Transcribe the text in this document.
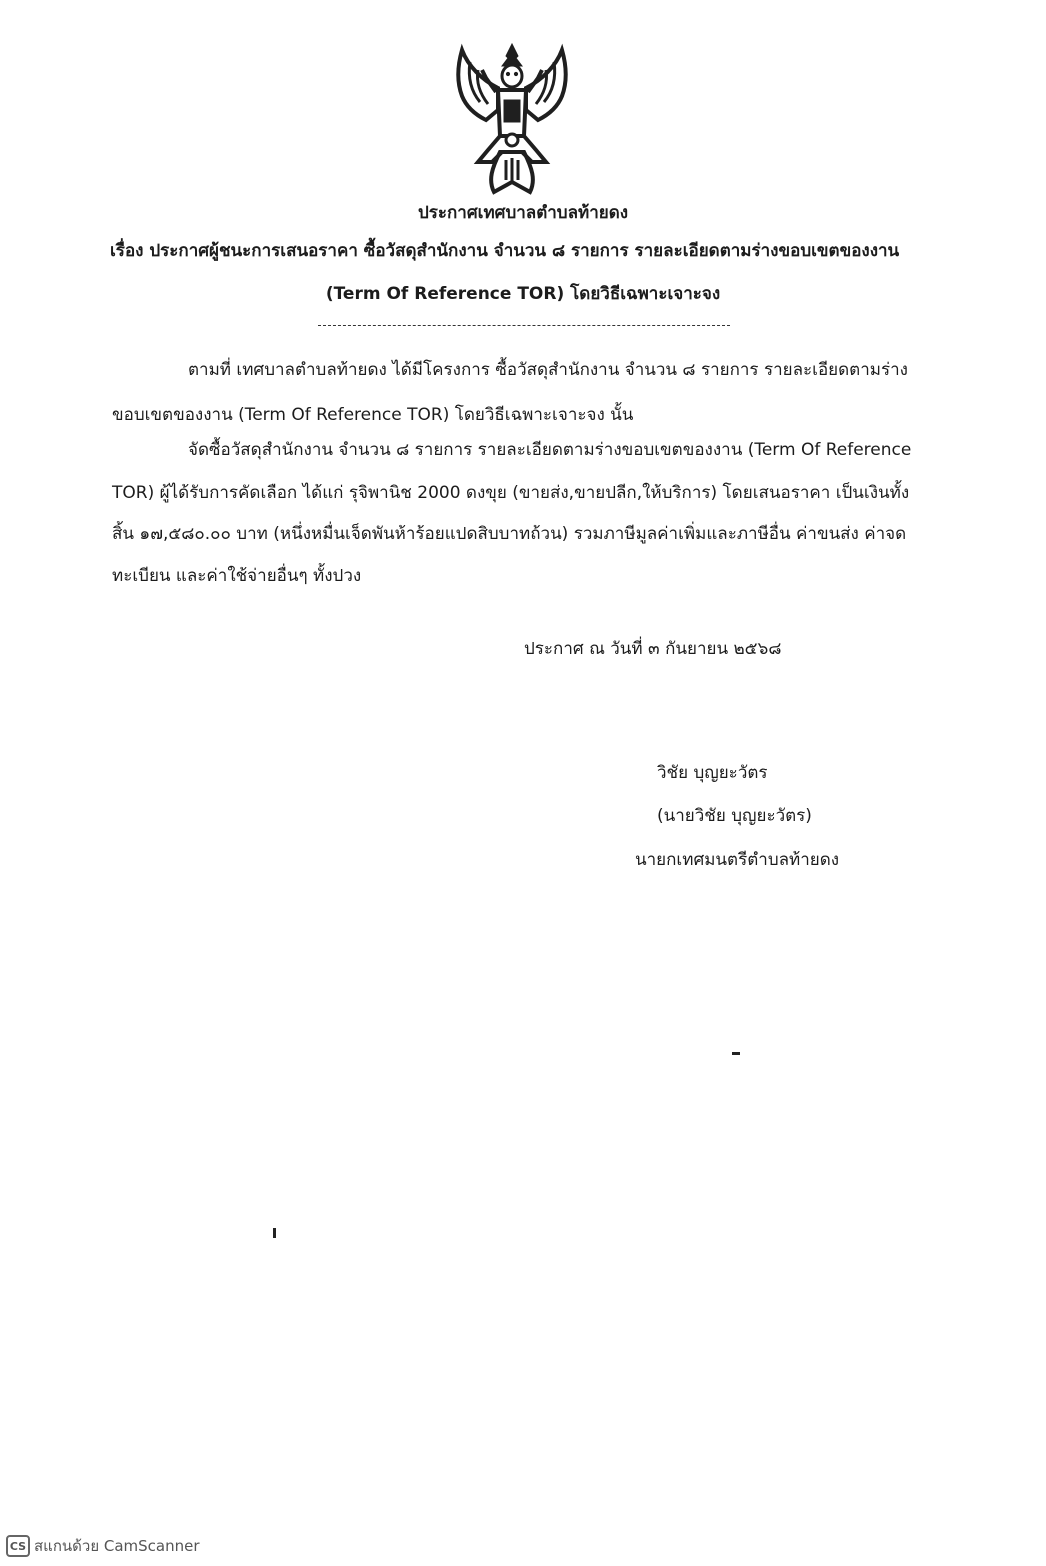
ประกาศเทศบาลตำบลท้ายดง
เรื่อง ประกาศผู้ชนะการเสนอราคา ซื้อวัสดุสำนักงาน จำนวน ๘ รายการ รายละเอียดตามร่างขอบเขตของงาน
(Term Of Reference TOR) โดยวิธีเฉพาะเจาะจง
ตามที่ เทศบาลตำบลท้ายดง ได้มีโครงการ ซื้อวัสดุสำนักงาน จำนวน ๘ รายการ รายละเอียดตามร่าง
ขอบเขตของงาน (Term Of Reference TOR) โดยวิธีเฉพาะเจาะจง นั้น
จัดซื้อวัสดุสำนักงาน จำนวน ๘ รายการ รายละเอียดตามร่างขอบเขตของงาน (Term Of Reference
TOR) ผู้ได้รับการคัดเลือก ได้แก่ รุจิพานิช 2000 ดงขุย (ขายส่ง,ขายปลีก,ให้บริการ) โดยเสนอราคา เป็นเงินทั้ง
สิ้น ๑๗,๕๘๐.๐๐ บาท (หนึ่งหมื่นเจ็ดพันห้าร้อยแปดสิบบาทถ้วน) รวมภาษีมูลค่าเพิ่มและภาษีอื่น ค่าขนส่ง ค่าจด
ทะเบียน และค่าใช้จ่ายอื่นๆ ทั้งปวง
ประกาศ ณ วันที่ ๓ กันยายน ๒๕๖๘
วิชัย บุญยะวัตร
(นายวิชัย บุญยะวัตร)
นายกเทศมนตรีตำบลท้ายดง
CS สแกนด้วย CamScanner
